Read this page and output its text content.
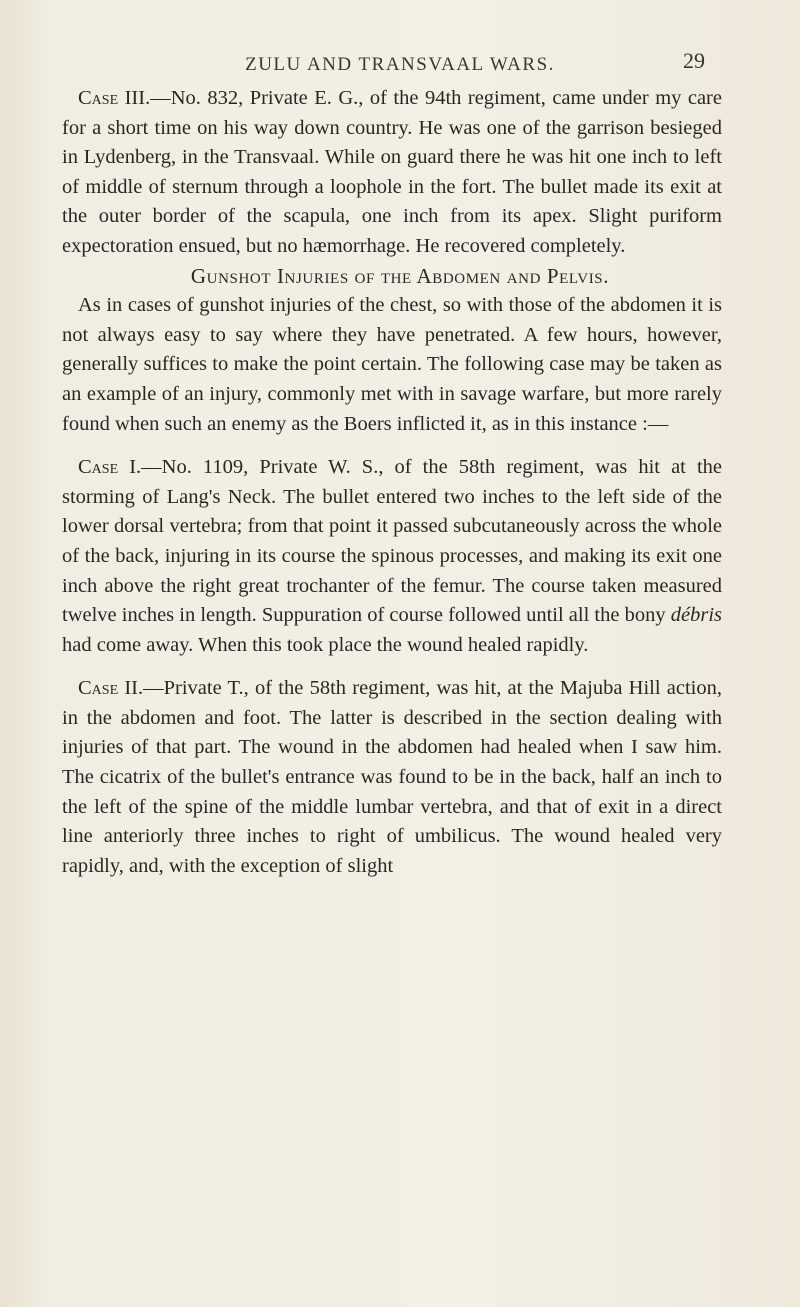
ZULU AND TRANSVAAL WARS.	29

Case III.—No. 832, Private E. G., of the 94th regiment, came under my care for a short time on his way down country. He was one of the garrison besieged in Lydenberg, in the Transvaal. While on guard there he was hit one inch to left of middle of sternum through a loophole in the fort. The bullet made its exit at the outer border of the scapula, one inch from its apex. Slight puriform expectoration ensued, but no hæmorrhage. He recovered completely.

Gunshot Injuries of the Abdomen and Pelvis.

As in cases of gunshot injuries of the chest, so with those of the abdomen it is not always easy to say where they have penetrated. A few hours, however, generally suffices to make the point certain. The following case may be taken as an example of an injury, commonly met with in savage warfare, but more rarely found when such an enemy as the Boers inflicted it, as in this instance :—

Case I.—No. 1109, Private W. S., of the 58th regiment, was hit at the storming of Lang's Neck. The bullet entered two inches to the left side of the lower dorsal vertebra; from that point it passed subcutaneously across the whole of the back, injuring in its course the spinous processes, and making its exit one inch above the right great trochanter of the femur. The course taken measured twelve inches in length. Suppuration of course followed until all the bony débris had come away. When this took place the wound healed rapidly.

Case II.—Private T., of the 58th regiment, was hit, at the Majuba Hill action, in the abdomen and foot. The latter is described in the section dealing with injuries of that part. The wound in the abdomen had healed when I saw him. The cicatrix of the bullet's entrance was found to be in the back, half an inch to the left of the spine of the middle lumbar vertebra, and that of exit in a direct line anteriorly three inches to right of umbilicus. The wound healed very rapidly, and, with the exception of slight
